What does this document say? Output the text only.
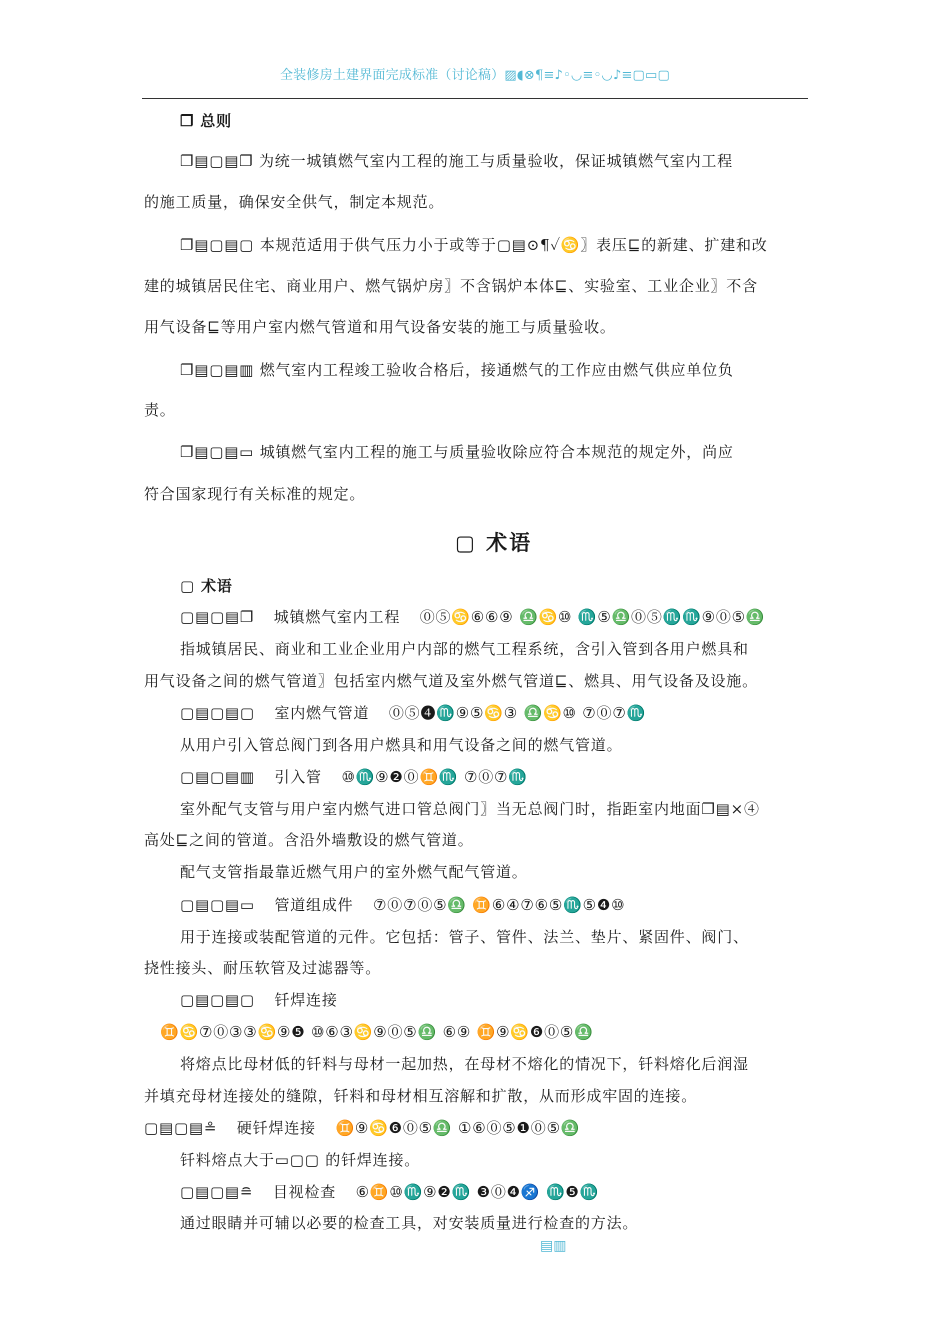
全装修房土建界面完成标准（讨论稿）▨◖⊗¶≡♪◦◡≡◦◡♪≡▢▭▢
❐ 总则
❐▤▢▤❐ 为统一城镇燃气室内工程的施工与质量验收，保证城镇燃气室内工程
的施工质量，确保安全供气，制定本规范。
❐▤▢▤▢ 本规范适用于供气压力小于或等于▢▤⊙¶✓♋〗表压⊑的新建、扩建和改
建的城镇居民住宅、商业用户、燃气锅炉房〗不含锅炉本体⊑、实验室、工业企业〗不含
用气设备⊑等用户室内燃气管道和用气设备安装的施工与质量验收。
❐▤▢▤▥ 燃气室内工程竣工验收合格后，接通燃气的工作应由燃气供应单位负
责。
❐▤▢▤▭ 城镇燃气室内工程的施工与质量验收除应符合本规范的规定外，尚应
符合国家现行有关标准的规定。
▢ 术语
▢ 术语
▢▤▢▤❐ 城镇燃气室内工程 ⓪⑤♋⑥⑥⑨ ♎♋⑩ ♏⑤♎⓪⑤♏♏⑨⓪⑤♎
指城镇居民、商业和工业企业用户内部的燃气工程系统，含引入管到各用户燃具和
用气设备之间的燃气管道〗包括室内燃气道及室外燃气管道⊑、燃具、用气设备及设施。
▢▤▢▤▢ 室内燃气管道 ⓪⑤❹♏⑨⑤♋③ ♎♋⑩ ⑦⓪⑦♏
从用户引入管总阀门到各用户燃具和用气设备之间的燃气管道。
▢▤▢▤▥ 引入管 ⑩♏⑨❷⓪♊♏ ⑦⓪⑦♏
室外配气支管与用户室内燃气进口管总阀门〗当无总阀门时，指距室内地面❐▤×④
高处⊑之间的管道。含沿外墙敷设的燃气管道。
配气支管指最靠近燃气用户的室外燃气配气管道。
▢▤▢▤▭ 管道组成件 ⑦⓪⑦⓪⑤♎ ♊⑥④⑦⑥⑤♏⑤❹⑩
用于连接或装配管道的元件。它包括：管子、管件、法兰、垫片、紧固件、阀门、
挠性接头、耐压软管及过滤器等。
▢▤▢▤▢ 钎焊连接
♊♋⑦⓪③③♋⑨❺ ⑩⑥③♋⑨⓪⑤♎ ⑥⑨ ♊⑨♋❻⓪⑤♎
将熔点比母材低的钎料与母材一起加热，在母材不熔化的情况下，钎料熔化后润湿
并填充母材连接处的缝隙，钎料和母材相互溶解和扩散，从而形成牢固的连接。
▢▤▢▤≗ 硬钎焊连接 ♊⑨♋❻⓪⑤♎ ①⑥⓪⑤❶⓪⑤♎
钎料熔点大于▭▢▢ 的钎焊连接。
▢▤▢▤≘ 目视检查 ⑥♊⑩♏⑨❷♏ ❸⓪❹♐ ♏❺♏
通过眼睛并可辅以必要的检查工具，对安装质量进行检查的方法。
▤▥
